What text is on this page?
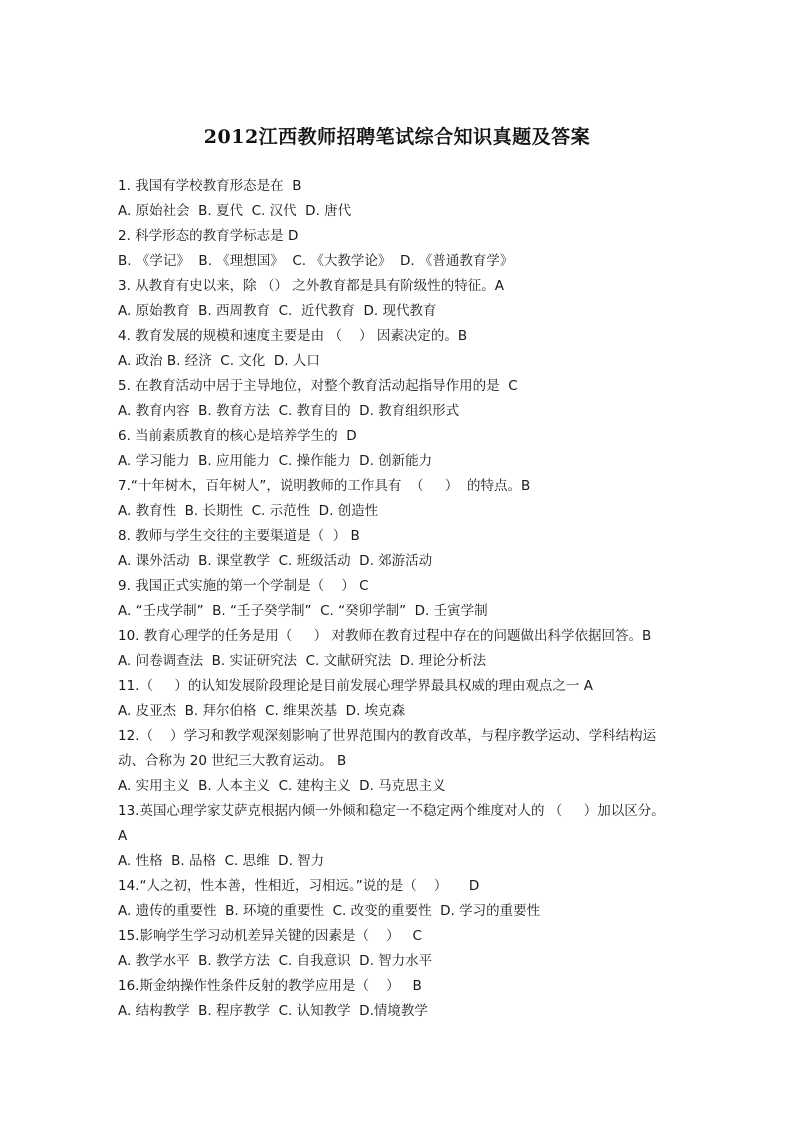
2012江西教师招聘笔试综合知识真题及答案
1. 我国有学校教育形态是在  B
A. 原始社会  B. 夏代  C. 汉代  D. 唐代
2. 科学形态的教育学标志是 D
B. 《学记》  B. 《理想国》  C. 《大教学论》  D. 《普通教育学》
3. 从教育有史以来，除 （） 之外教育都是具有阶级性的特征。A
A. 原始教育  B. 西周教育  C.  近代教育  D. 现代教育
4. 教育发展的规模和速度主要是由 （    ） 因素决定的。B
A. 政治 B. 经济  C. 文化  D. 人口
5. 在教育活动中居于主导地位，对整个教育活动起指导作用的是  C
A. 教育内容  B. 教育方法  C. 教育目的  D. 教育组织形式
6. 当前素质教育的核心是培养学生的  D
A. 学习能力  B. 应用能力  C. 操作能力  D. 创新能力
7.“十年树木，百年树人”，说明教师的工作具有  （     ）  的特点。B
A. 教育性  B. 长期性  C. 示范性  D. 创造性
8. 教师与学生交往的主要渠道是（  ） B
A. 课外活动  B. 课堂教学  C. 班级活动  D. 郊游活动
9. 我国正式实施的第一个学制是（    ） C
A. “壬戌学制”  B. “壬子癸学制”  C. “癸卯学制”  D. 壬寅学制
10. 教育心理学的任务是用（     ） 对教师在教育过程中存在的问题做出科学依据回答。B
A. 问卷调查法  B. 实证研究法  C. 文献研究法  D. 理论分析法
11.（     ）的认知发展阶段理论是目前发展心理学界最具权威的理由观点之一 A
A. 皮亚杰  B. 拜尔伯格  C. 维果茨基  D. 埃克森
12.（    ）学习和教学观深刻影响了世界范围内的教育改革，与程序教学运动、学科结构运
动、合称为 20 世纪三大教育运动。 B
A. 实用主义  B. 人本主义  C. 建构主义  D. 马克思主义
13.英国心理学家艾萨克根据内倾一外倾和稳定一不稳定两个维度对人的 （     ）加以区分。
A
A. 性格  B. 品格  C. 思维  D. 智力
14.“人之初，性本善，性相近，习相远。”说的是（    ）     D
A. 遗传的重要性  B. 环境的重要性  C. 改变的重要性  D. 学习的重要性
15.影响学生学习动机差异关键的因素是（    ）   C
A. 教学水平  B. 教学方法  C. 自我意识  D. 智力水平
16.斯金纳操作性条件反射的教学应用是（    ）   B
A. 结构教学  B. 程序教学  C. 认知教学  D.情境教学
